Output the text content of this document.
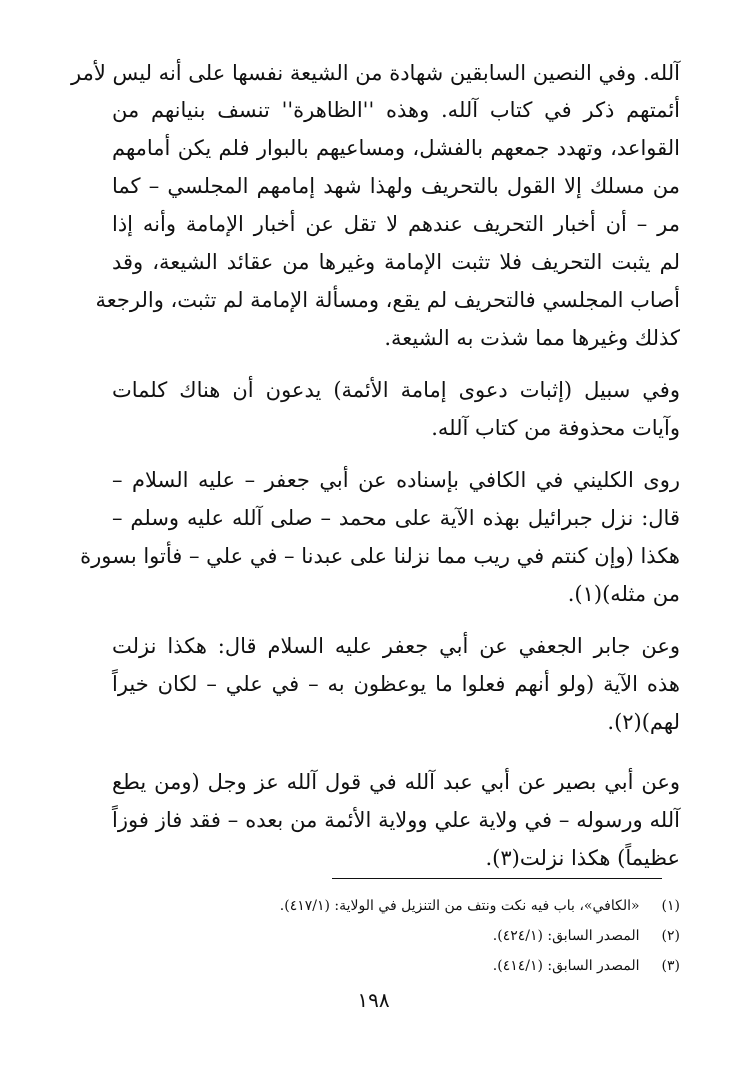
آلله. وفي النصين السابقين شهادة من الشيعة نفسها على أنه ليس لأمر
أئمتهم ذكر في كتاب آلله. وهذه ''الظاهرة'' تنسف بنيانهم من
القواعد، وتهدد جمعهم بالفشل، ومساعيهم بالبوار فلم يكن أمامهم
من مسلك إلا القول بالتحريف ولهذا شهد إمامهم المجلسي – كما
مر – أن أخبار التحريف عندهم لا تقل عن أخبار الإمامة وأنه إذا
لم يثبت التحريف فلا تثبت الإمامة وغيرها من عقائد الشيعة، وقد
أصاب المجلسي فالتحريف لم يقع، ومسألة الإمامة لم تثبت، والرجعة
كذلك وغيرها مما شذت به الشيعة.
وفي سبيل (إثبات دعوى إمامة الأئمة) يدعون أن هناك كلمات
وآيات محذوفة من كتاب آلله.
روى الكليني في الكافي بإسناده عن أبي جعفر – عليه السلام –
قال: نزل جبرائيل بهذه الآية على محمد – صلى آلله عليه وسلم –
هكذا (وإن كنتم في ريب مما نزلنا على عبدنا – في علي – فأتوا بسورة
من مثله)(١).
وعن جابر الجعفي عن أبي جعفر عليه السلام قال: هكذا نزلت
هذه الآية (ولو أنهم فعلوا ما يوعظون به – في علي – لكان خيراً
لهم)(٢).
وعن أبي بصير عن أبي عبد آلله في قول آلله عز وجل (ومن يطع
آلله ورسوله – في ولاية علي وولاية الأئمة من بعده – فقد فاز فوزاً
عظيماً) هكذا نزلت(٣).
(١) «الكافي»، باب فيه نكت ونتف من التنزيل في الولاية: (٤١٧/١).
(٢) المصدر السابق: (٤٢٤/١).
(٣) المصدر السابق: (٤١٤/١).
١٩٨
